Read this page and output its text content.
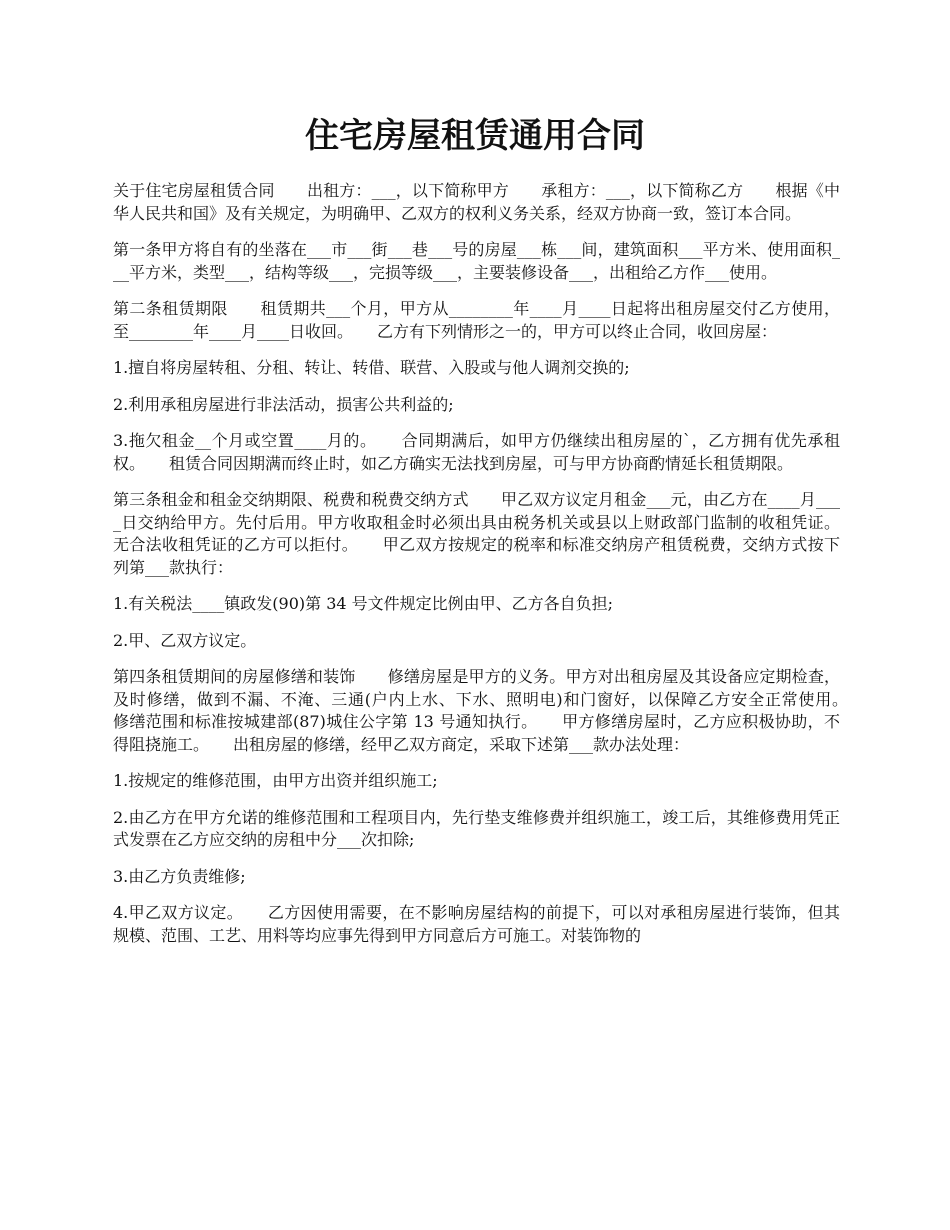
住宅房屋租赁通用合同

关于住宅房屋租赁合同　　出租方：___，以下简称甲方　　承租方：___，以下简称乙方　　根据《中华人民共和国》及有关规定，为明确甲、乙双方的权利义务关系，经双方协商一致，签订本合同。

第一条甲方将自有的坐落在___市___街___巷___号的房屋___栋___间，建筑面积___平方米、使用面积___平方米，类型___，结构等级___，完损等级___，主要装修设备___，出租给乙方作___使用。

第二条租赁期限　　租赁期共___个月，甲方从________年____月____日起将出租房屋交付乙方使用，至________年____月____日收回。　　乙方有下列情形之一的，甲方可以终止合同，收回房屋：

1.擅自将房屋转租、分租、转让、转借、联营、入股或与他人调剂交换的;

2.利用承租房屋进行非法活动，损害公共利益的;

3.拖欠租金__个月或空置____月的。　　合同期满后，如甲方仍继续出租房屋的`，乙方拥有优先承租权。　　租赁合同因期满而终止时，如乙方确实无法找到房屋，可与甲方协商酌情延长租赁期限。

第三条租金和租金交纳期限、税费和税费交纳方式　　甲乙双方议定月租金___元，由乙方在____月____日交纳给甲方。先付后用。甲方收取租金时必须出具由税务机关或县以上财政部门监制的收租凭证。无合法收租凭证的乙方可以拒付。　　甲乙双方按规定的税率和标准交纳房产租赁税费，交纳方式按下列第___款执行：

1.有关税法____镇政发(90)第 34 号文件规定比例由甲、乙方各自负担;

2.甲、乙双方议定。

第四条租赁期间的房屋修缮和装饰　　修缮房屋是甲方的义务。甲方对出租房屋及其设备应定期检查，及时修缮，做到不漏、不淹、三通(户内上水、下水、照明电)和门窗好，以保障乙方安全正常使用。　　修缮范围和标准按城建部(87)城住公字第 13 号通知执行。　　甲方修缮房屋时，乙方应积极协助，不得阻挠施工。　　出租房屋的修缮，经甲乙双方商定，采取下述第___款办法处理：

1.按规定的维修范围，由甲方出资并组织施工;

2.由乙方在甲方允诺的维修范围和工程项目内，先行垫支维修费并组织施工，竣工后，其维修费用凭正式发票在乙方应交纳的房租中分___次扣除;

3.由乙方负责维修;

4.甲乙双方议定。　　乙方因使用需要，在不影响房屋结构的前提下，可以对承租房屋进行装饰，但其规模、范围、工艺、用料等均应事先得到甲方同意后方可施工。对装饰物的
